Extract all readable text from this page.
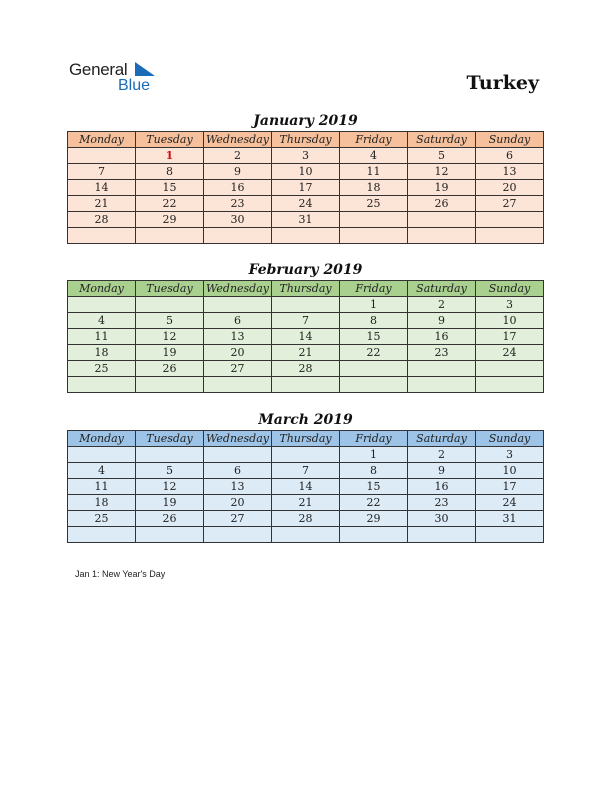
General
Blue	Turkey
January 2019
Monday	Tuesday	Wednesday	Thursday	Friday	Saturday	Sunday
	1	2	3	4	5	6
7	8	9	10	11	12	13
14	15	16	17	18	19	20
21	22	23	24	25	26	27
28	29	30	31			

February 2019
Monday	Tuesday	Wednesday	Thursday	Friday	Saturday	Sunday
				1	2	3
4	5	6	7	8	9	10
11	12	13	14	15	16	17
18	19	20	21	22	23	24
25	26	27	28			

March 2019
Monday	Tuesday	Wednesday	Thursday	Friday	Saturday	Sunday
				1	2	3
4	5	6	7	8	9	10
11	12	13	14	15	16	17
18	19	20	21	22	23	24
25	26	27	28	29	30	31

Jan 1: New Year's Day
